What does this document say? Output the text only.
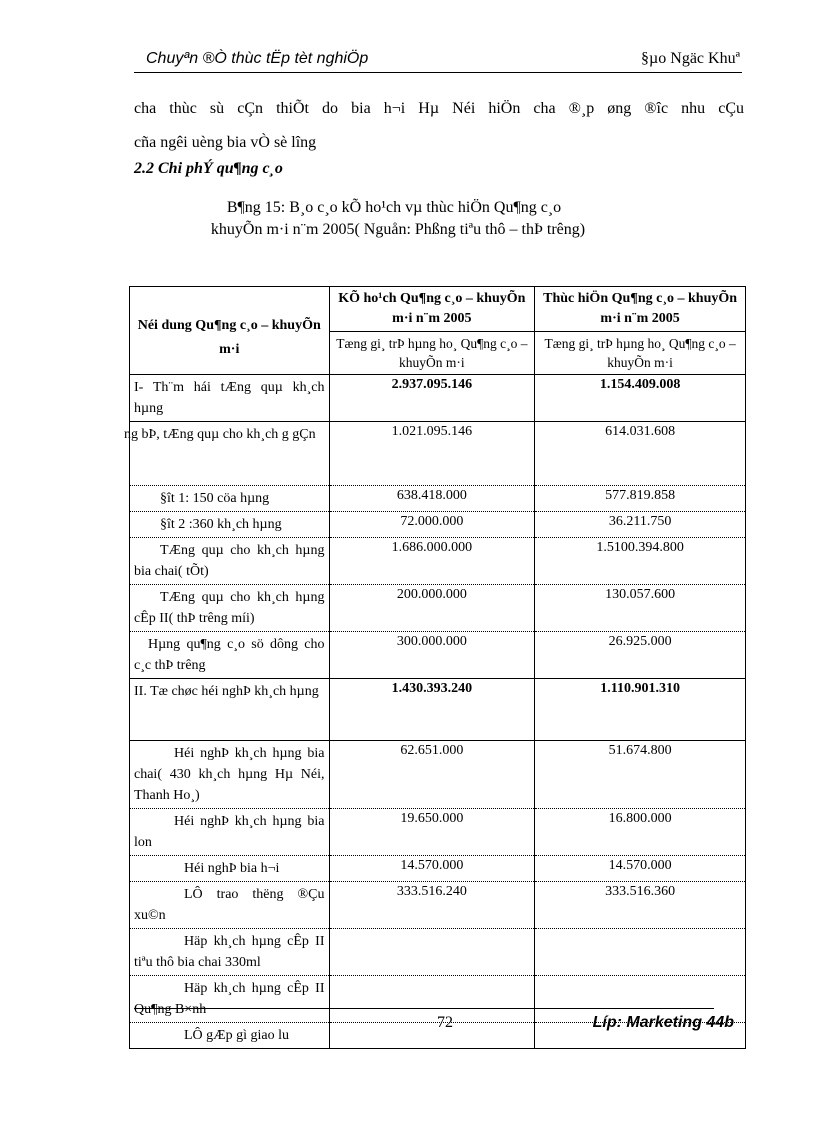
Chuyªn ®Ò thùc tËp tèt nghiÖp	§µo Ngäc Khuª
cha thùc sù cÇn thiÕt do bia h¬i Hµ Néi hiÖn cha ®¸p øng ®îc nhu cÇu
cña ngêi uèng bia vÒ sè lîng
2.2 Chi phÝ qu¶ng c¸o
B¶ng 15: B¸o c¸o kÕ ho¹ch vµ thùc hiÖn Qu¶ng c¸o
khuyÕn m·i n¨m 2005( Nguån: Phßng tiªu thô – thÞ trêng)
Néi dung Qu¶ng c¸o – khuyÕn m·i	KÕ ho¹ch Qu¶ng c¸o – khuyÕn m·i n¨m 2005	Thùc hiÖn Qu¶ng c¸o – khuyÕn m·i n¨m 2005
	Tæng gi¸ trÞ hµng ho¸ Qu¶ng c¸o – khuyÕn m·i	Tæng gi¸ trÞ hµng ho¸ Qu¶ng c¸o – khuyÕn m·i
I- Th¨m hái tÆng quµ kh¸ch hµng	2.937.095.146	1.154.409.008
ng bÞ, tÆng quµ cho kh¸ch g gÇn	1.021.095.146	614.031.608
§ît 1: 150 cöa hµng	638.418.000	577.819.858
§ît 2 :360 kh¸ch hµng	72.000.000	36.211.750
TÆng quµ cho kh¸ch hµng bia chai( tÕt)	1.686.000.000	1.5100.394.800
TÆng quµ cho kh¸ch hµng cÊp II( thÞ trêng míi)	200.000.000	130.057.600
Hµng qu¶ng c¸o sö dông cho c¸c thÞ trêng	300.000.000	26.925.000
II. Tæ chøc héi nghÞ kh¸ch hµng	1.430.393.240	1.110.901.310
Héi nghÞ kh¸ch hµng bia chai( 430 kh¸ch hµng Hµ Néi, Thanh Ho¸)	62.651.000	51.674.800
Héi nghÞ kh¸ch hµng bia lon	19.650.000	16.800.000
Héi nghÞ bia h¬i	14.570.000	14.570.000
LÔ trao thëng ®Çu xu©n	333.516.240	333.516.360
Häp kh¸ch hµng cÊp II tiªu thô bia chai 330ml		
Häp kh¸ch hµng cÊp II Qu¶ng B×nh		
LÔ gÆp gì giao lu		
72	Líp: Marketing 44b
